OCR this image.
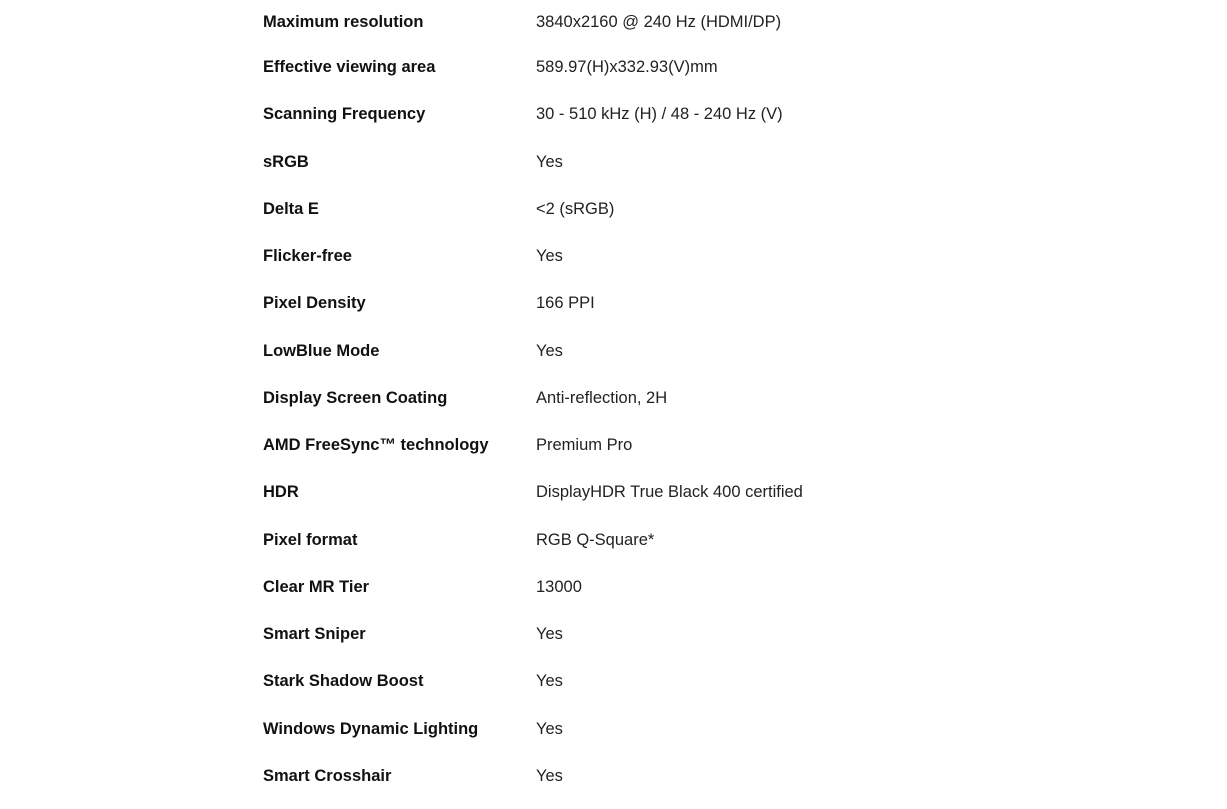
Maximum resolution	3840x2160 @ 240 Hz (HDMI/DP)
Effective viewing area	589.97(H)x332.93(V)mm
Scanning Frequency	30 - 510 kHz (H) / 48 - 240 Hz (V)
sRGB	Yes
Delta E	<2 (sRGB)
Flicker-free	Yes
Pixel Density	166 PPI
LowBlue Mode	Yes
Display Screen Coating	Anti-reflection, 2H
AMD FreeSync™ technology	Premium Pro
HDR	DisplayHDR True Black 400 certified
Pixel format	RGB Q-Square*
Clear MR Tier	13000
Smart Sniper	Yes
Stark Shadow Boost	Yes
Windows Dynamic Lighting	Yes
Smart Crosshair	Yes
